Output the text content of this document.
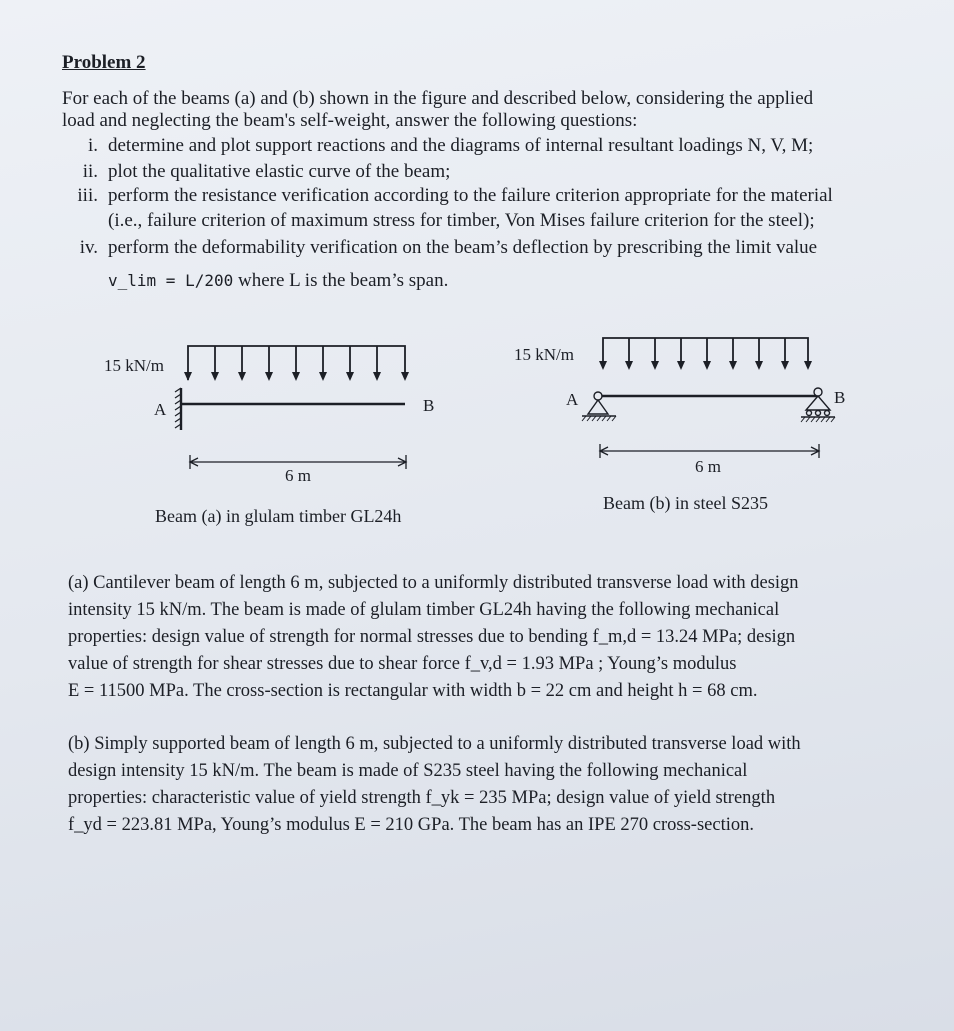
Problem 2
For each of the beams (a) and (b) shown in the figure and described below, considering the applied
load and neglecting the beam's self-weight, answer the following questions:
i. determine and plot support reactions and the diagrams of internal resultant loadings N, V, M;
ii. plot the qualitative elastic curve of the beam;
iii. perform the resistance verification according to the failure criterion appropriate for the material
(i.e., failure criterion of maximum stress for timber, Von Mises failure criterion for the steel);
iv. perform the deformability verification on the beam’s deflection by prescribing the limit value
v_lim = L/200 where L is the beam’s span.
15 kN/m
A	B
6 m
Beam (a) in glulam timber GL24h
15 kN/m
A	B
6 m
Beam (b) in steel S235
(a) Cantilever beam of length 6 m, subjected to a uniformly distributed transverse load with design
intensity 15 kN/m. The beam is made of glulam timber GL24h having the following mechanical
properties: design value of strength for normal stresses due to bending f_m,d = 13.24 MPa; design
value of strength for shear stresses due to shear force f_v,d = 1.93 MPa ; Young’s modulus
E = 11500 MPa. The cross-section is rectangular with width b = 22 cm and height h = 68 cm.
(b) Simply supported beam of length 6 m, subjected to a uniformly distributed transverse load with
design intensity 15 kN/m. The beam is made of S235 steel having the following mechanical
properties: characteristic value of yield strength f_yk = 235 MPa; design value of yield strength
f_yd = 223.81 MPa, Young’s modulus E = 210 GPa. The beam has an IPE 270 cross-section.
